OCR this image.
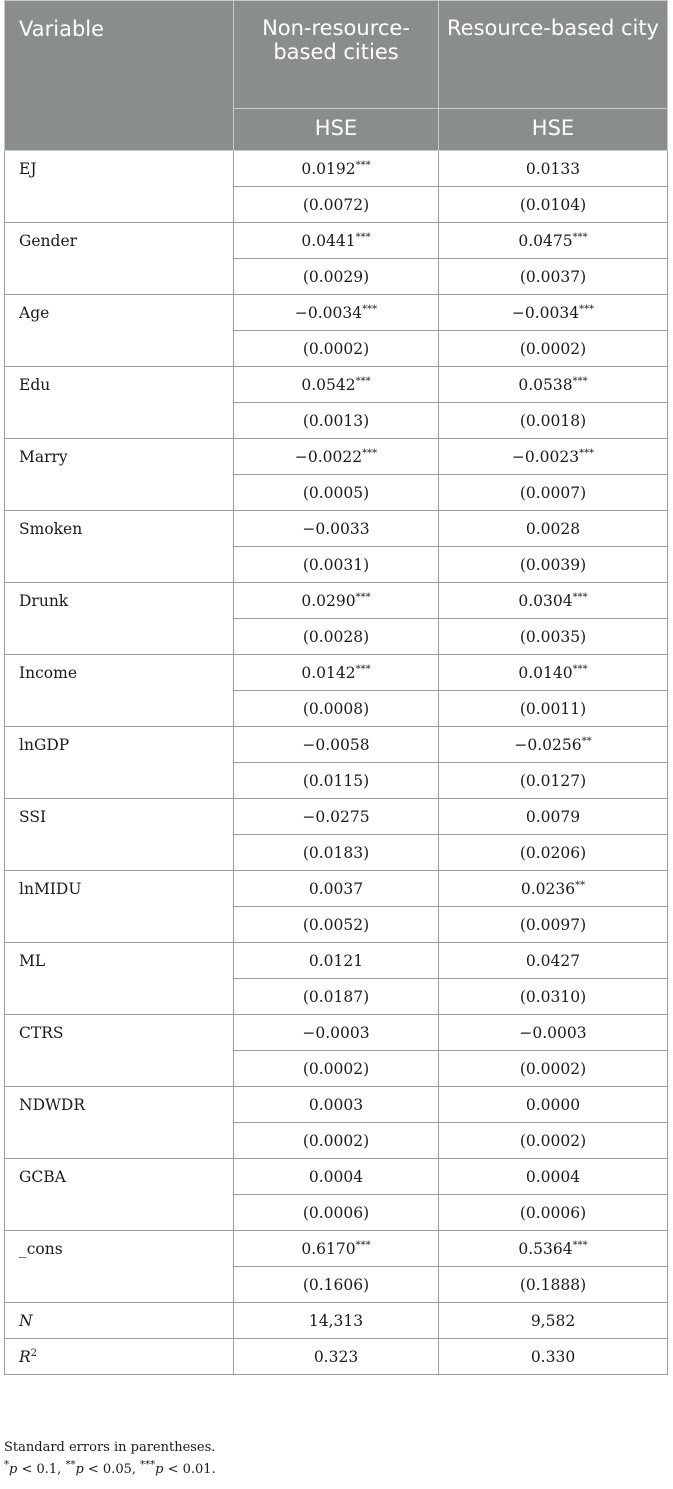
Variable	Non-resource-based cities	Resource-based city
	HSE	HSE
EJ	0.0192***	0.0133
	(0.0072)	(0.0104)
Gender	0.0441***	0.0475***
	(0.0029)	(0.0037)
Age	−0.0034***	−0.0034***
	(0.0002)	(0.0002)
Edu	0.0542***	0.0538***
	(0.0013)	(0.0018)
Marry	−0.0022***	−0.0023***
	(0.0005)	(0.0007)
Smoken	−0.0033	0.0028
	(0.0031)	(0.0039)
Drunk	0.0290***	0.0304***
	(0.0028)	(0.0035)
Income	0.0142***	0.0140***
	(0.0008)	(0.0011)
lnGDP	−0.0058	−0.0256**
	(0.0115)	(0.0127)
SSI	−0.0275	0.0079
	(0.0183)	(0.0206)
lnMIDU	0.0037	0.0236**
	(0.0052)	(0.0097)
ML	0.0121	0.0427
	(0.0187)	(0.0310)
CTRS	−0.0003	−0.0003
	(0.0002)	(0.0002)
NDWDR	0.0003	0.0000
	(0.0002)	(0.0002)
GCBA	0.0004	0.0004
	(0.0006)	(0.0006)
_cons	0.6170***	0.5364***
	(0.1606)	(0.1888)
N	14,313	9,582
$R^2$	0.323	0.330
Standard errors in parentheses.
*p < 0.1, **p < 0.05, ***p < 0.01.
